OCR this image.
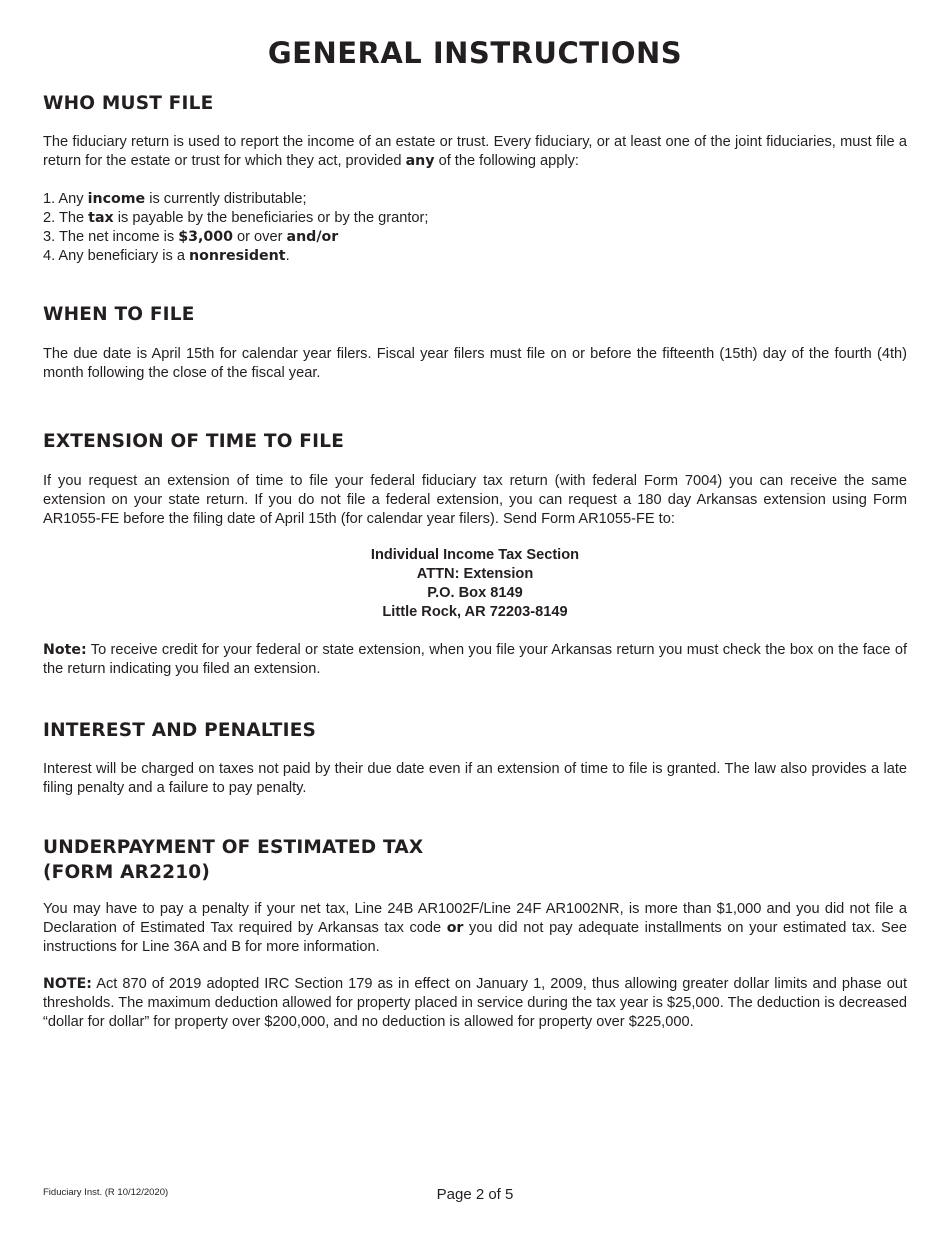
GENERAL INSTRUCTIONS
WHO MUST FILE

The fiduciary return is used to report the income of an estate or trust. Every fiduciary, or at least one of the joint fiduciaries, must file a return for the estate or trust for which they act, provided any of the following apply:

1. Any income is currently distributable;
2. The tax is payable by the beneficiaries or by the grantor;
3. The net income is $3,000 or over and/or
4. Any beneficiary is a nonresident.
WHEN TO FILE

The due date is April 15th for calendar year filers. Fiscal year filers must file on or before the fifteenth (15th) day of the fourth (4th) month following the close of the fiscal year.

EXTENSION OF TIME TO FILE

If you request an extension of time to file your federal fiduciary tax return (with federal Form 7004) you can receive the same extension on your state return. If you do not file a federal extension, you can request a 180 day Arkansas extension using Form AR1055-FE before the filing date of April 15th (for calendar year filers). Send Form AR1055-FE to:

Individual Income Tax Section
ATTN: Extension
P.O. Box 8149
Little Rock, AR 72203-8149

Note: To receive credit for your federal or state extension, when you file your Arkansas return you must check the box on the face of the return indicating you filed an extension.

INTEREST AND PENALTIES

Interest will be charged on taxes not paid by their due date even if an extension of time to file is granted. The law also provides a late filing penalty and a failure to pay penalty.

UNDERPAYMENT OF ESTIMATED TAX
(FORM AR2210)

You may have to pay a penalty if your net tax, Line 24B AR1002F/Line 24F AR1002NR, is more than $1,000 and you did not file a Declaration of Estimated Tax required by Arkansas tax code or you did not pay adequate installments on your estimated tax. See instructions for Line 36A and B for more information.

NOTE: Act 870 of 2019 adopted IRC Section 179 as in effect on January 1, 2009, thus allowing greater dollar limits and phase out thresholds. The maximum deduction allowed for property placed in service during the tax year is $25,000. The deduction is decreased “dollar for dollar” for property over $200,000, and no deduction is allowed for property over $225,000.

Fiduciary Inst. (R 10/12/2020)	Page 2 of 5
